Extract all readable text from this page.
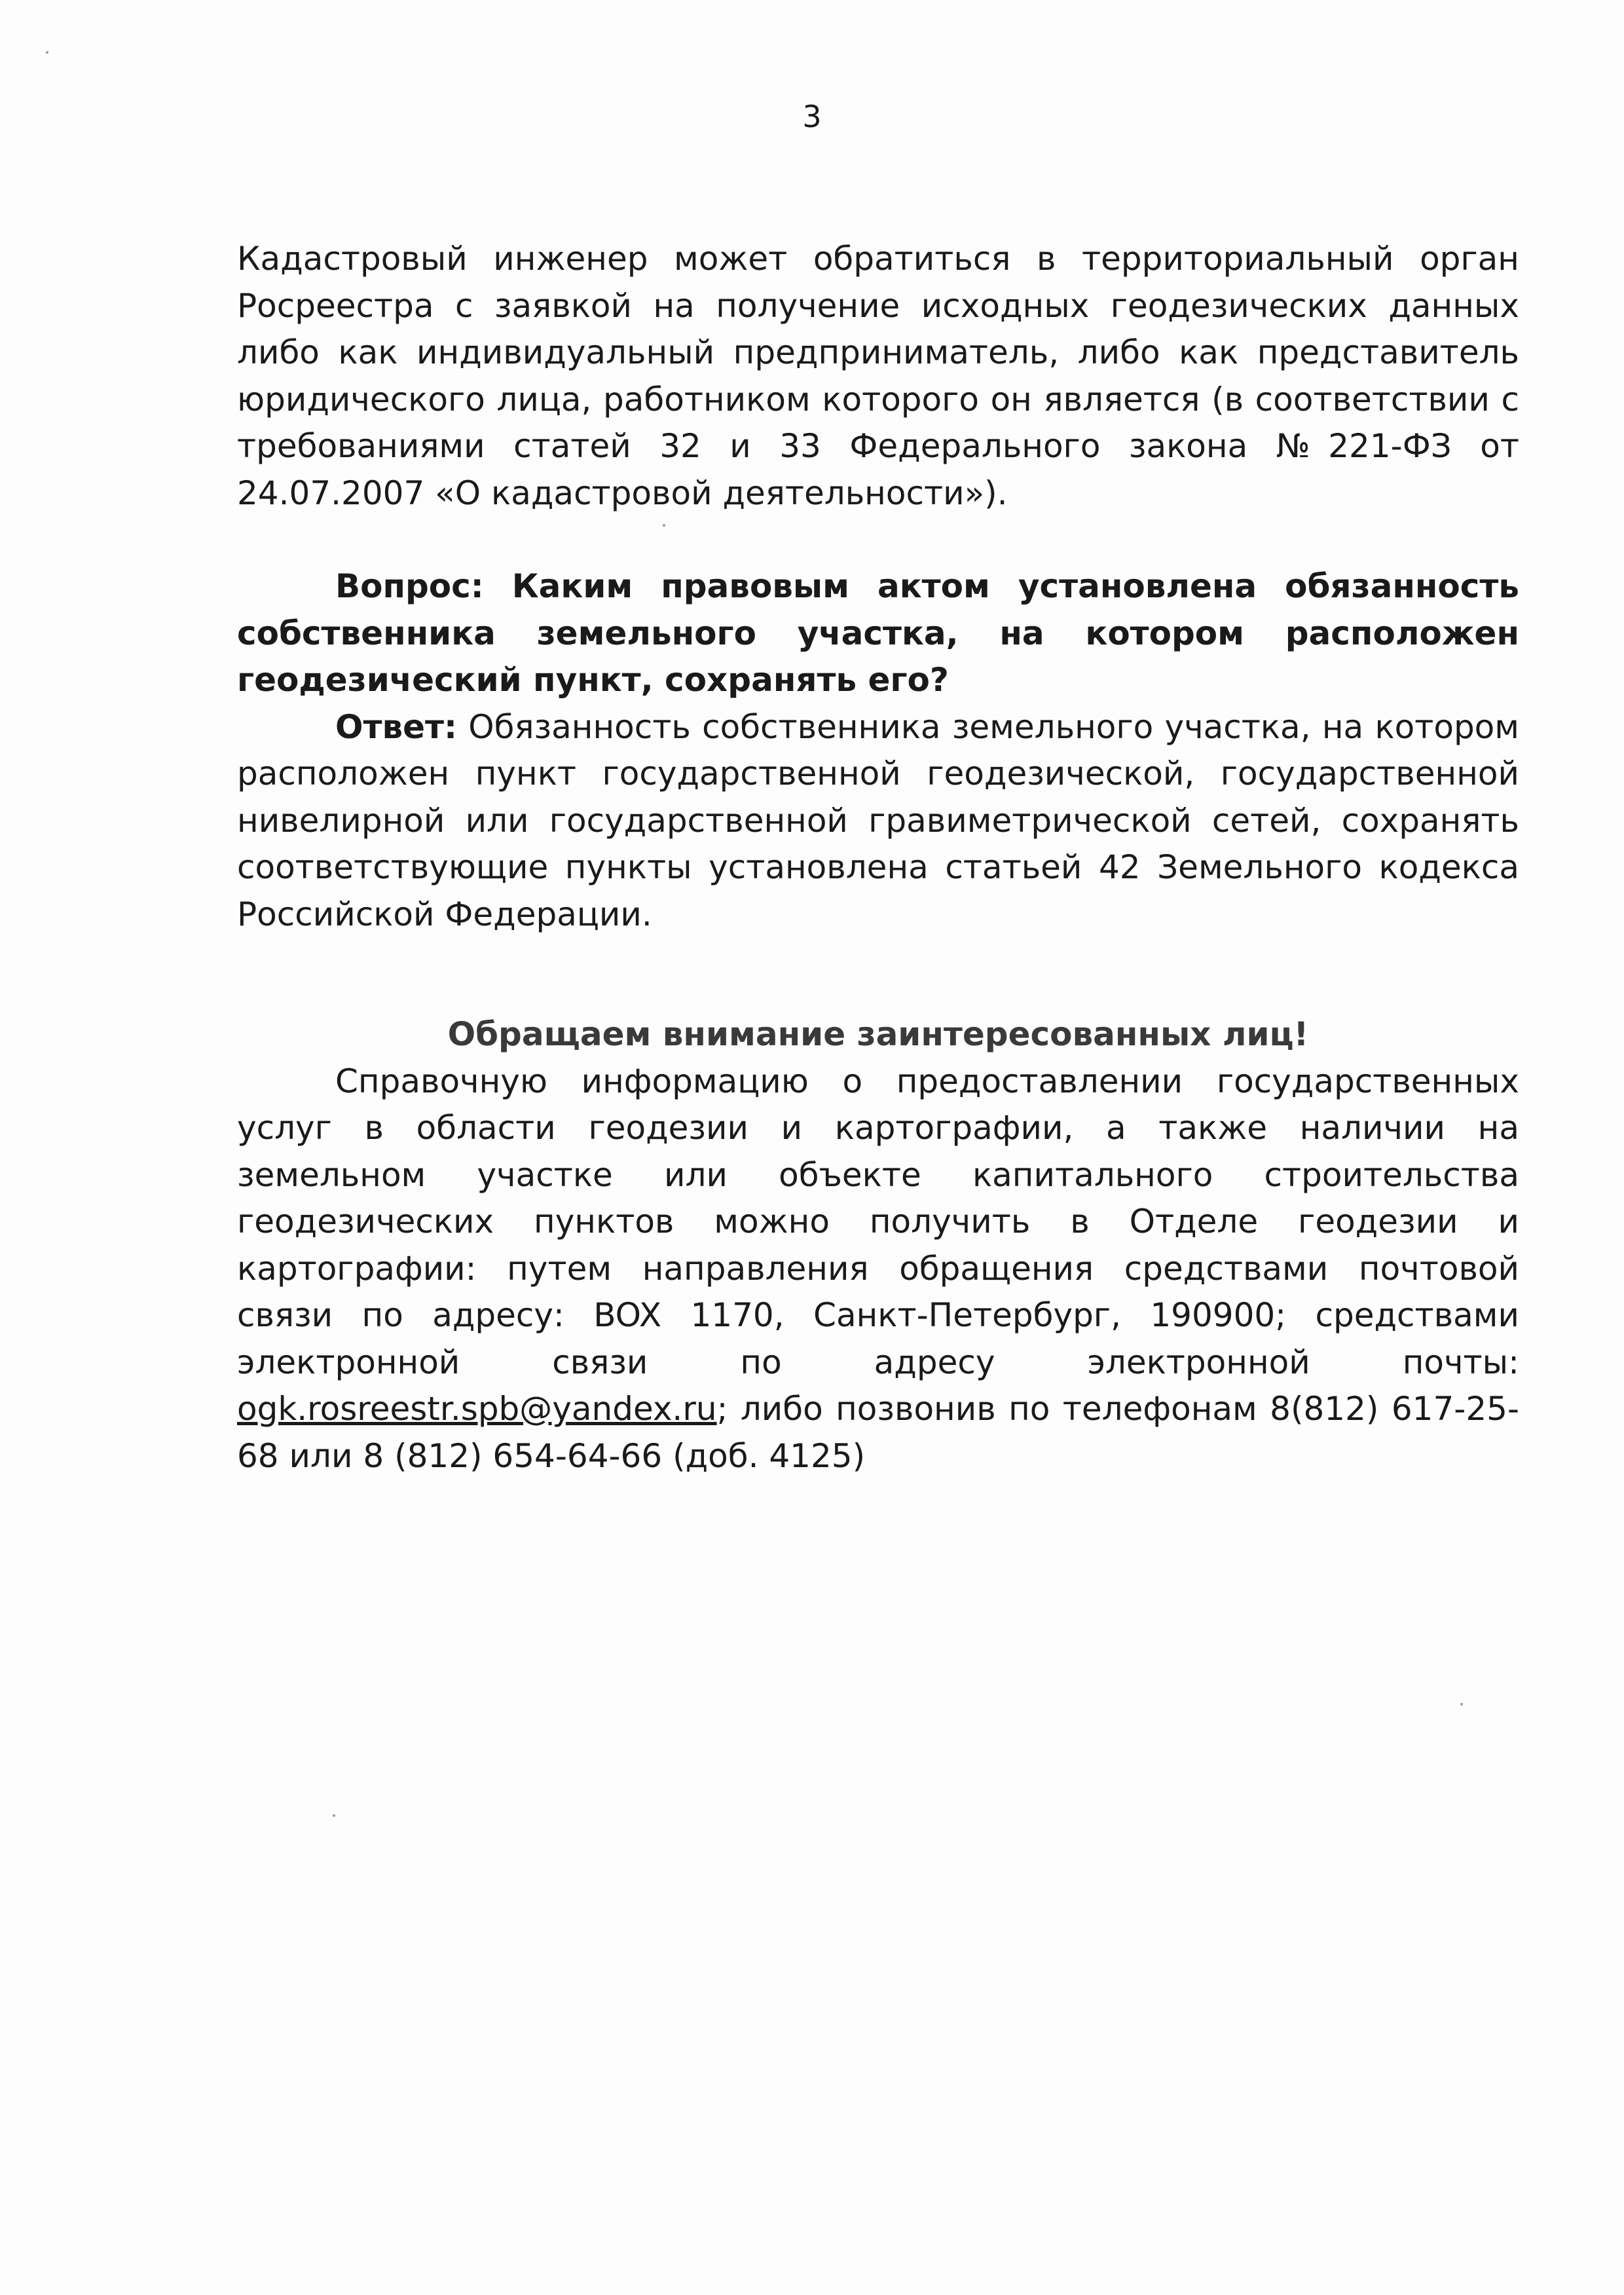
3

Кадастровый инженер может обратиться в территориальный орган Росреестра с заявкой на получение исходных геодезических данных либо как индивидуальный предприниматель, либо как представитель юридического лица, работником которого он является (в соответствии с требованиями статей 32 и 33 Федерального закона №221-ФЗ от 24.07.2007 «О кадастровой деятельности»).

Вопрос: Каким правовым актом установлена обязанность собственника земельного участка, на котором расположен геодезический пункт, сохранять его?

Ответ: Обязанность собственника земельного участка, на котором расположен пункт государственной геодезической, государственной нивелирной или государственной гравиметрической сетей, сохранять соответствующие пункты установлена статьей 42 Земельного кодекса Российской Федерации.

Обращаем внимание заинтересованных лиц!

Справочную информацию о предоставлении государственных услуг в области геодезии и картографии, а также наличии на земельном участке или объекте капитального строительства геодезических пунктов можно получить в Отделе геодезии и картографии: путем направления обращения средствами почтовой связи по адресу: BOX 1170, Санкт-Петербург, 190900; средствами электронной связи по адресу электронной почты: ogk.rosreestr.spb@yandex.ru; либо позвонив по телефонам 8(812) 617-25-68 или 8 (812) 654-64-66 (доб. 4125)
